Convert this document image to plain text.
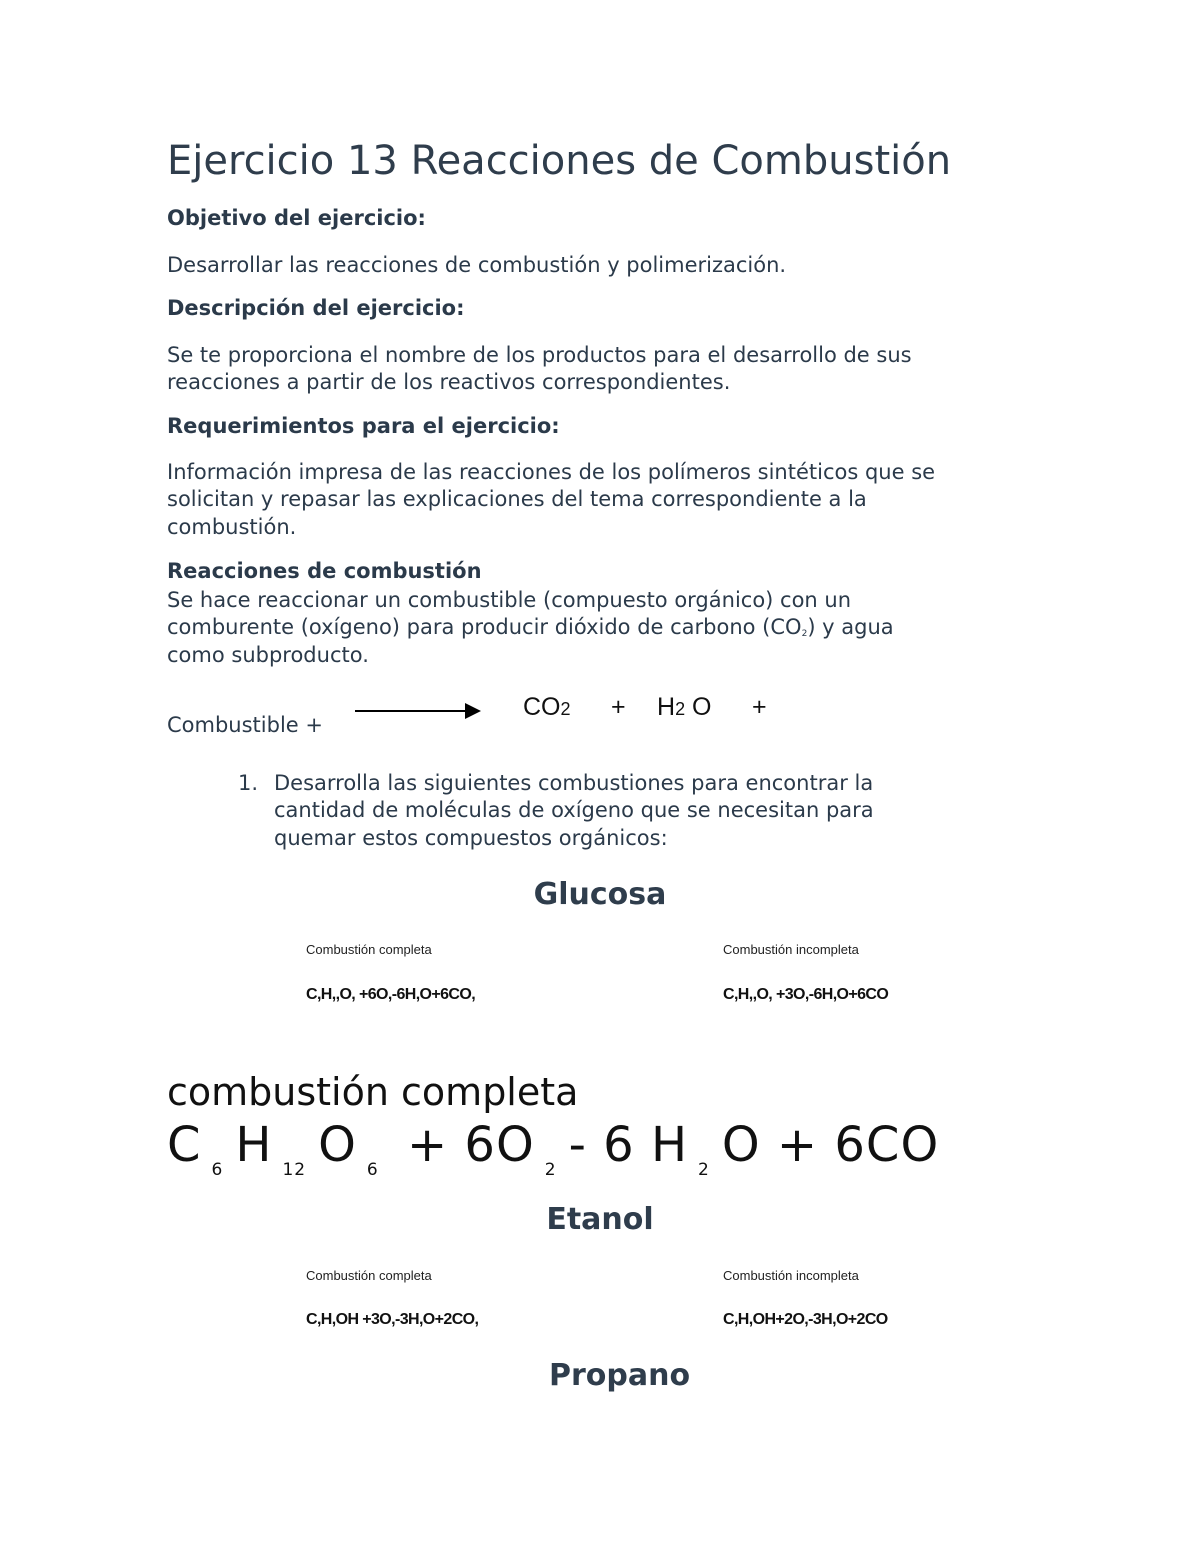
Ejercicio 13 Reacciones de Combustión
Objetivo del ejercicio:
Desarrollar las reacciones de combustión y polimerización.
Descripción del ejercicio:
Se te proporciona el nombre de los productos para el desarrollo de sus
reacciones a partir de los reactivos correspondientes.
Requerimientos para el ejercicio:
Información impresa de las reacciones de los polímeros sintéticos que se
solicitan y repasar las explicaciones del tema correspondiente a la
combustión.
Reacciones de combustión
Se hace reaccionar un combustible (compuesto orgánico) con un
comburente (oxígeno) para producir dióxido de carbono $(CO_2)$ y agua
como subproducto.
Combustible +
CO2 + H2 O +
1. Desarrolla las siguientes combustiones para encontrar la
cantidad de moléculas de oxígeno que se necesitan para
quemar estos compuestos orgánicos:
Glucosa
Combustión completa
C,H,,O, +6O,-6H,O+6CO,
Combustión incompleta
C,H,,O, +3O,-6H,O+6CO
combustión completa
C $_6$ H $_{12}$ O $_6$ + 6O $_2$ - 6 H $_2$ O + 6CO
Etanol
Combustión completa
C,H,OH +3O,-3H,O+2CO,
Combustión incompleta
C,H,OH+2O,-3H,O+2CO
Propano
